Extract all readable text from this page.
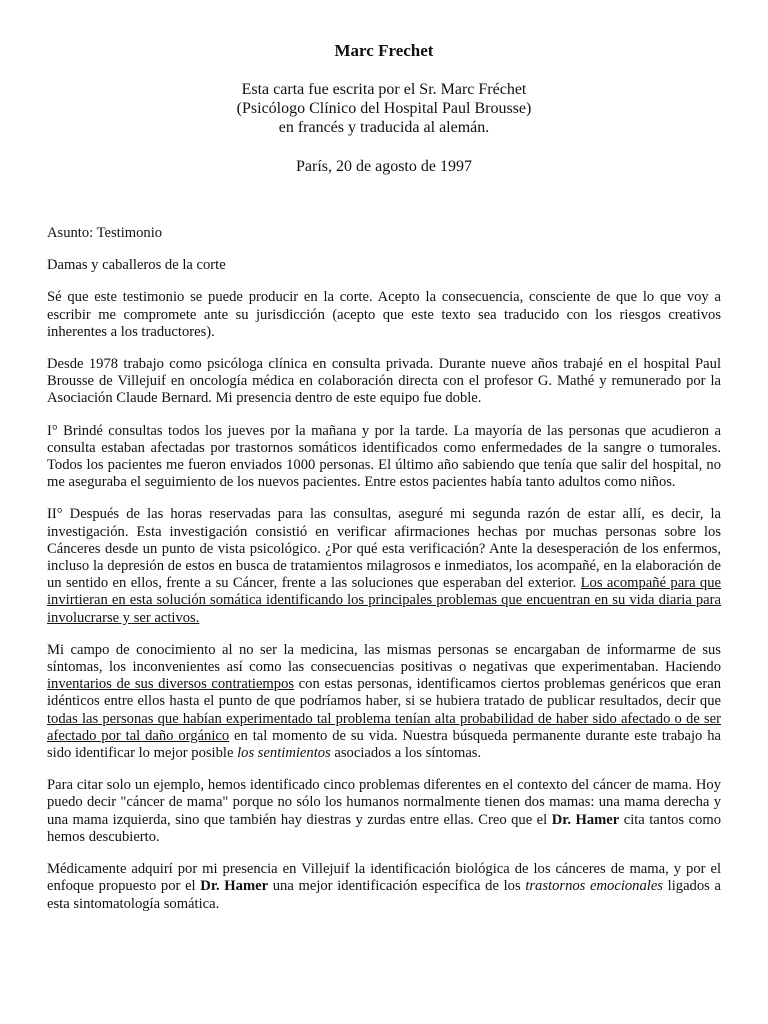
Marc Frechet
Esta carta fue escrita por el Sr. Marc Fréchet
(Psicólogo Clínico del Hospital Paul Brousse)
en francés y traducida al alemán.
París, 20 de agosto de 1997

Asunto: Testimonio

Damas y caballeros de la corte

Sé que este testimonio se puede producir en la corte. Acepto la consecuencia, consciente de que lo que voy a escribir me compromete ante su jurisdicción (acepto que este texto sea traducido con los riesgos creativos inherentes a los traductores).

Desde 1978 trabajo como psicóloga clínica en consulta privada. Durante nueve años trabajé en el hospital Paul Brousse de Villejuif en oncología médica en colaboración directa con el profesor G. Mathé y remunerado por la Asociación Claude Bernard. Mi presencia dentro de este equipo fue doble.

I° Brindé consultas todos los jueves por la mañana y por la tarde. La mayoría de las personas que acudieron a consulta estaban afectadas por trastornos somáticos identificados como enfermedades de la sangre o tumorales. Todos los pacientes me fueron enviados 1000 personas. El último año sabiendo que tenía que salir del hospital, no me aseguraba el seguimiento de los nuevos pacientes. Entre estos pacientes había tanto adultos como niños.

II° Después de las horas reservadas para las consultas, aseguré mi segunda razón de estar allí, es decir, la investigación. Esta investigación consistió en verificar afirmaciones hechas por muchas personas sobre los Cánceres desde un punto de vista psicológico. ¿Por qué esta verificación? Ante la desesperación de los enfermos, incluso la depresión de estos en busca de tratamientos milagrosos e inmediatos, los acompañé, en la elaboración de un sentido en ellos, frente a su Cáncer, frente a las soluciones que esperaban del exterior. Los acompañé para que invirtieran en esta solución somática identificando los principales problemas que encuentran en su vida diaria para involucrarse y ser activos.

Mi campo de conocimiento al no ser la medicina, las mismas personas se encargaban de informarme de sus síntomas, los inconvenientes así como las consecuencias positivas o negativas que experimentaban. Haciendo inventarios de sus diversos contratiempos con estas personas, identificamos ciertos problemas genéricos que eran idénticos entre ellos hasta el punto de que podríamos haber, si se hubiera tratado de publicar resultados, decir que todas las personas que habían experimentado tal problema tenían alta probabilidad de haber sido afectado o de ser afectado por tal daño orgánico en tal momento de su vida. Nuestra búsqueda permanente durante este trabajo ha sido identificar lo mejor posible los sentimientos asociados a los síntomas.

Para citar solo un ejemplo, hemos identificado cinco problemas diferentes en el contexto del cáncer de mama. Hoy puedo decir "cáncer de mama" porque no sólo los humanos normalmente tienen dos mamas: una mama derecha y una mama izquierda, sino que también hay diestras y zurdas entre ellas. Creo que el Dr. Hamer cita tantos como hemos descubierto.

Médicamente adquirí por mi presencia en Villejuif la identificación biológica de los cánceres de mama, y por el enfoque propuesto por el Dr. Hamer una mejor identificación específica de los trastornos emocionales ligados a esta sintomatología somática.
